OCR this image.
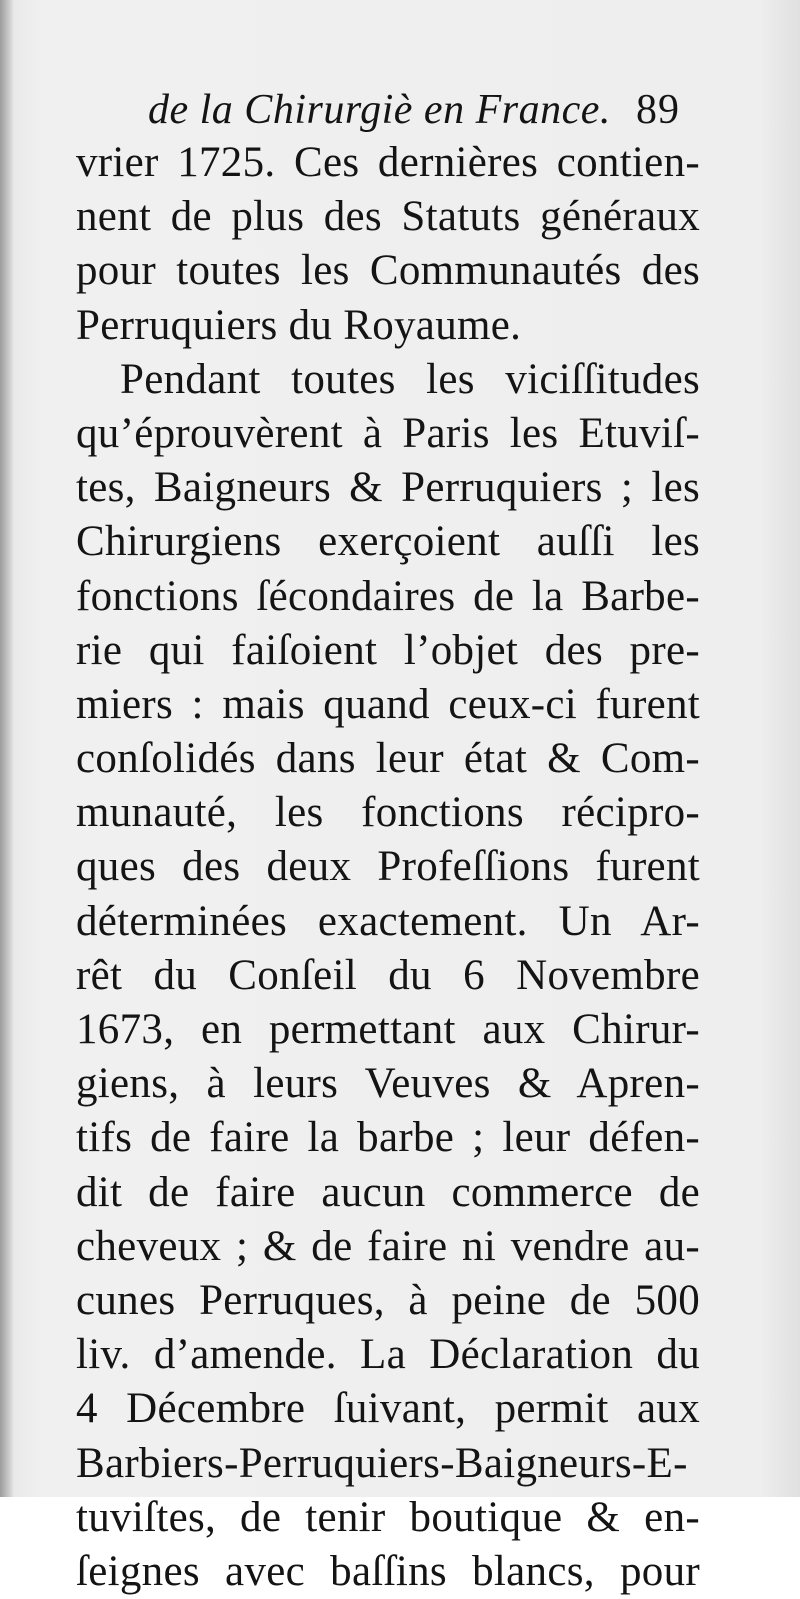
de la Chirurgiè en France. 89
vrier 1725. Ces dernières contien-
nent de plus des Statuts généraux
pour toutes les Communautés des
Perruquiers du Royaume.
Pendant toutes les viciſſitudes
qu’éprouvèrent à Paris les Etuviſ-
tes, Baigneurs & Perruquiers ; les
Chirurgiens exerçoient auſſi les
fonctions ſécondaires de la Barbe-
rie qui faiſoient l’objet des pre-
miers : mais quand ceux-ci furent
conſolidés dans leur état & Com-
munauté, les fonctions récipro-
ques des deux Profeſſions furent
déterminées exactement. Un Ar-
rêt du Conſeil du 6 Novembre
1673, en permettant aux Chirur-
giens, à leurs Veuves & Apren-
tifs de faire la barbe ; leur défen-
dit de faire aucun commerce de
cheveux ; & de faire ni vendre au-
cunes Perruques, à peine de 500
liv. d’amende. La Déclaration du
4 Décembre ſuivant, permit aux
Barbiers-Perruquiers-Baigneurs-E-
tuviſtes, de tenir boutique & en-
ſeignes avec baſſins blancs, pour
